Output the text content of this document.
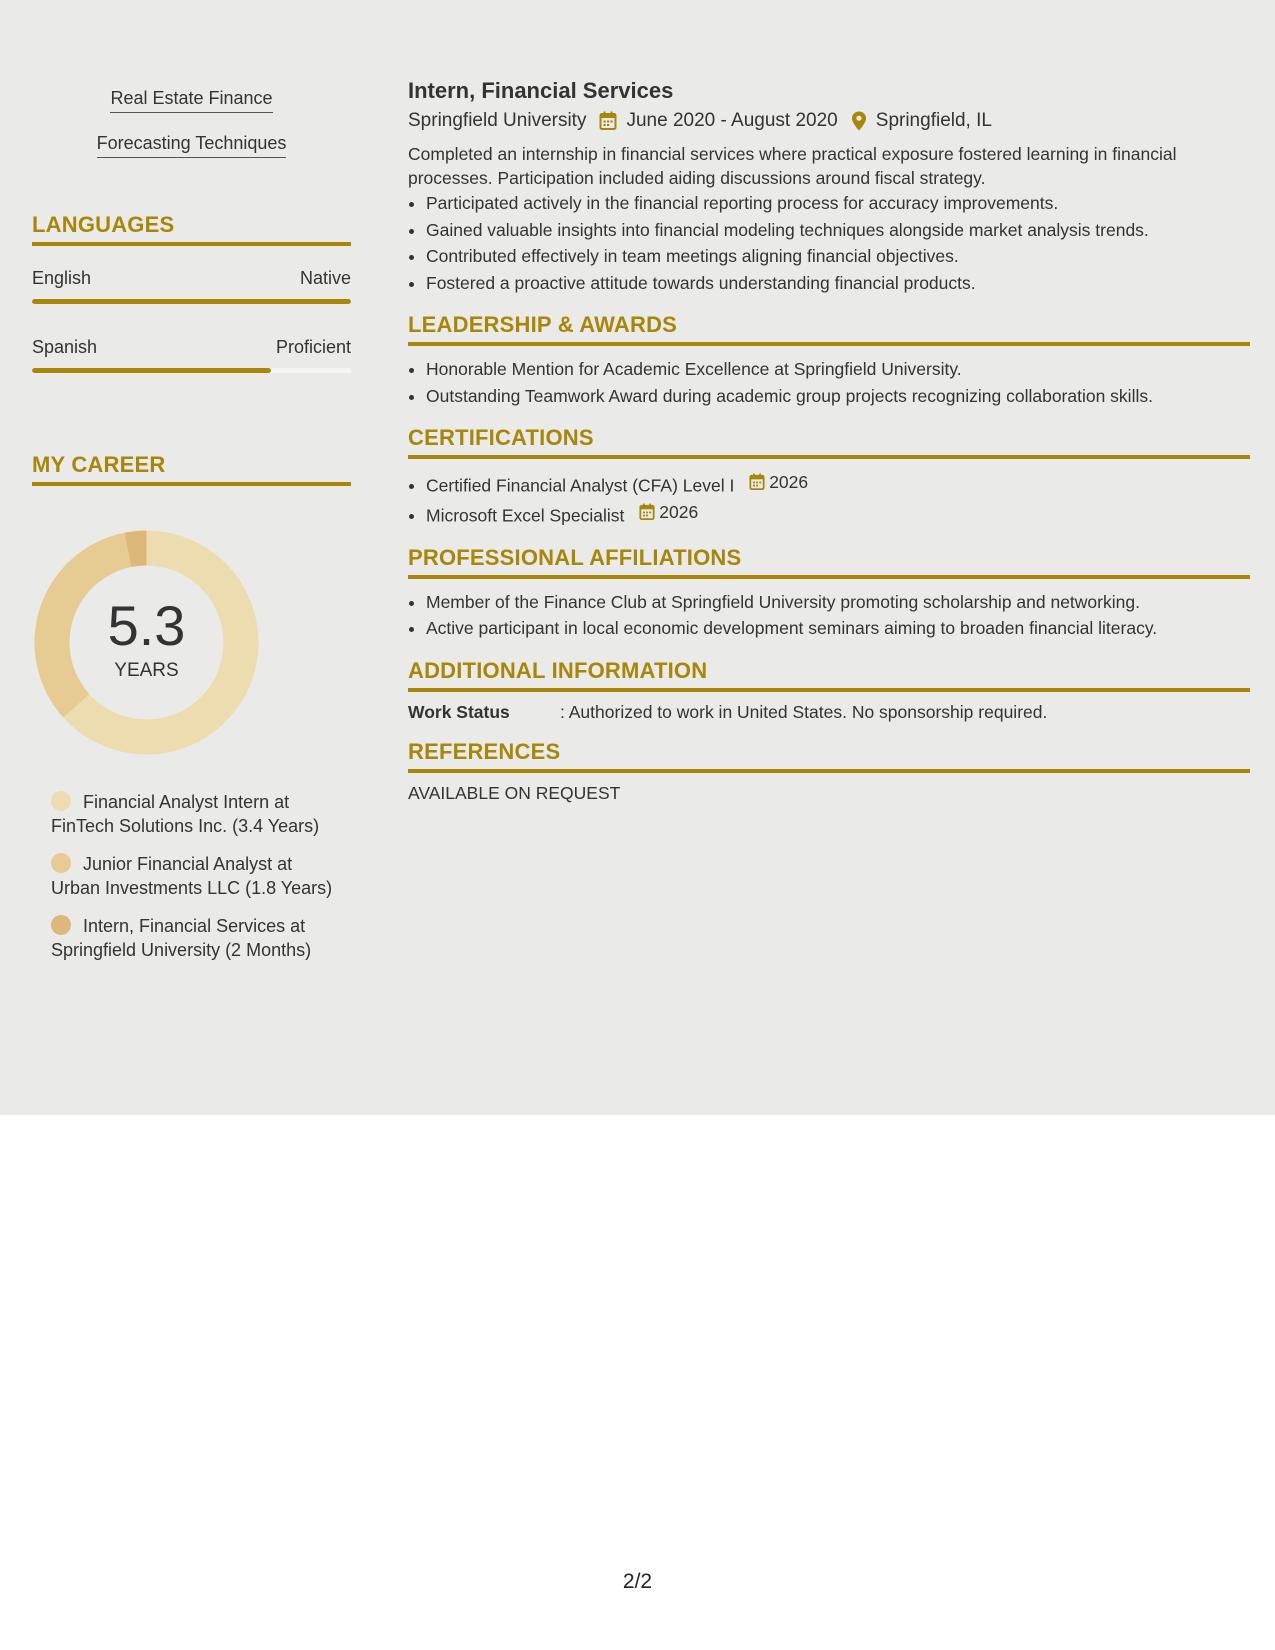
Real Estate Finance
Forecasting Techniques
LANGUAGES
English	Native
Spanish	Proficient
MY CAREER
5.3
YEARS
Financial Analyst Intern at FinTech Solutions Inc. (3.4 Years)
Junior Financial Analyst at Urban Investments LLC (1.8 Years)
Intern, Financial Services at Springfield University (2 Months)
Intern, Financial Services
Springfield University June 2020 - August 2020 Springfield, IL

Completed an internship in financial services where practical exposure fostered learning in financial processes. Participation included aiding discussions around fiscal strategy.

• Participated actively in the financial reporting process for accuracy improvements.
• Gained valuable insights into financial modeling techniques alongside market analysis trends.
• Contributed effectively in team meetings aligning financial objectives.
• Fostered a proactive attitude towards understanding financial products.
LEADERSHIP & AWARDS
• Honorable Mention for Academic Excellence at Springfield University.
• Outstanding Teamwork Award during academic group projects recognizing collaboration skills.
CERTIFICATIONS
• Certified Financial Analyst (CFA) Level I 2026
• Microsoft Excel Specialist 2026
PROFESSIONAL AFFILIATIONS
• Member of the Finance Club at Springfield University promoting scholarship and networking.
• Active participant in local economic development seminars aiming to broaden financial literacy.
ADDITIONAL INFORMATION
Work Status	: Authorized to work in United States. No sponsorship required.
REFERENCES
AVAILABLE ON REQUEST
2/2
